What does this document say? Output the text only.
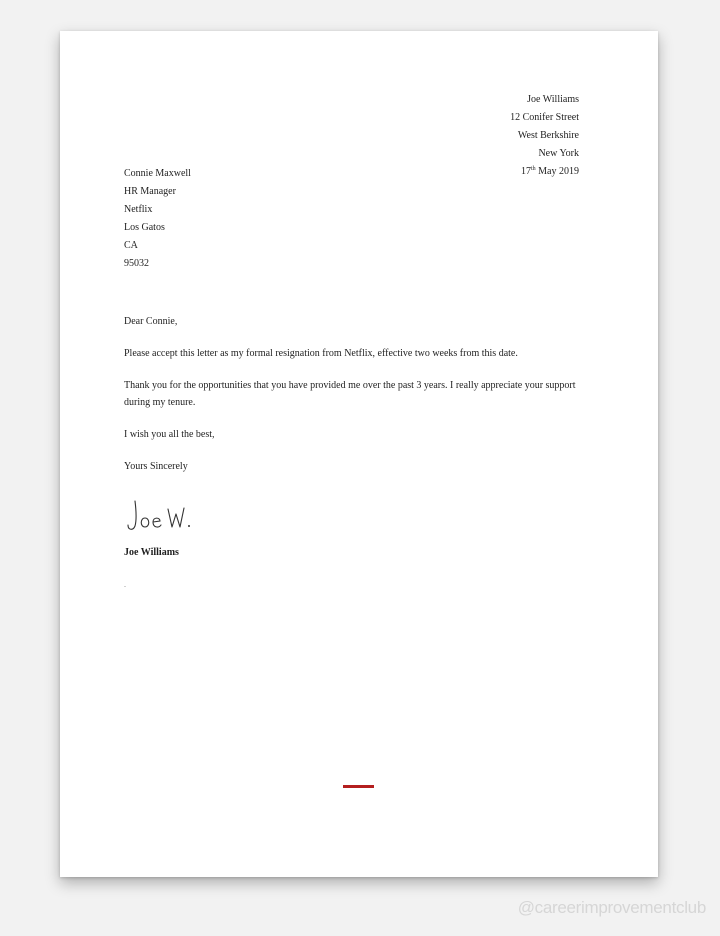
Joe Williams
12 Conifer Street
West Berkshire
New York
17th May 2019
Connie Maxwell
HR Manager
Netflix
Los Gatos
CA
95032

Dear Connie,

Please accept this letter as my formal resignation from Netflix, effective two weeks from this date.

Thank you for the opportunities that you have provided me over the past 3 years. I really appreciate your support during my tenure.

I wish you all the best,

Yours Sincerely

Joe Williams
.
@careerimprovementclub
